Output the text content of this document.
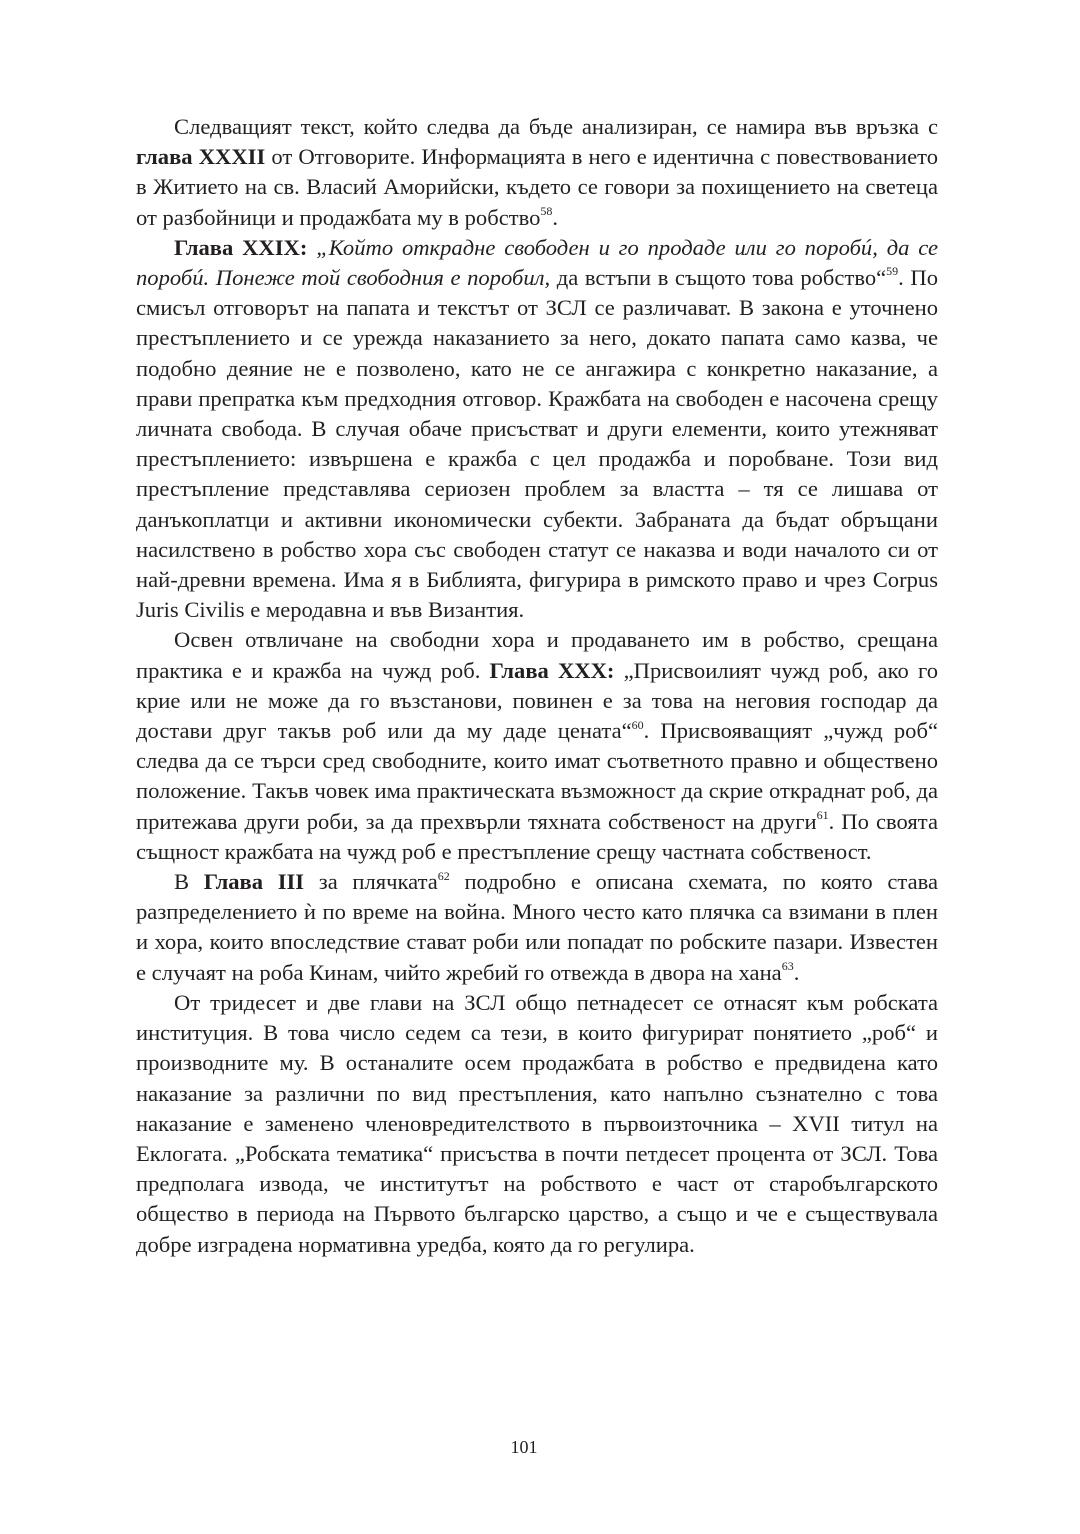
Следващият текст, който следва да бъде анализиран, се намира във връзка с глава XXXII от Отговорите. Информацията в него е идентична с повествованието в Житието на св. Власий Аморийски, където се говори за похищението на светеца от разбойници и продажбата му в робство$^{58}$.

Глава XXIX: „Който открадне свободен и го продаде или го поробú, да се поробú. Понеже той свободния е поробил, да встъпи в същото това робство“$^{59}$. По смисъл отговорът на папата и текстът от ЗСЛ се различават. В закона е уточнено престъплението и се урежда наказанието за него, докато папата само казва, че подобно деяние не е позволено, като не се ангажира с конкретно наказание, а прави препратка към предходния отговор. Кражбата на свободен е насочена срещу личната свобода. В случая обаче присъстват и други елементи, които утежняват престъплението: извършена е кражба с цел продажба и поробване. Този вид престъпление представлява сериозен проблем за властта – тя се лишава от данъкоплатци и активни икономически субекти. Забраната да бъдат обръщани насилствено в робство хора със свободен статут се наказва и води началото си от най-древни времена. Има я в Библията, фигурира в римското право и чрез Corpus Juris Civilis е меродавна и във Византия.

Освен отвличане на свободни хора и продаването им в робство, срещана практика е и кражба на чужд роб. Глава XXX: „Присвоилият чужд роб, ако го крие или не може да го възстанови, повинен е за това на неговия господар да достави друг такъв роб или да му даде цената“$^{60}$. Присвояващият „чужд роб“ следва да се търси сред свободните, които имат съответното правно и обществено положение. Такъв човек има практическата възможност да скрие откраднат роб, да притежава други роби, за да прехвърли тяхната собственост на други$^{61}$. По своята същност кражбата на чужд роб е престъпление срещу частната собственост.

В Глава III за плячката$^{62}$ подробно е описана схемата, по която става разпределението ѝ по време на война. Много често като плячка са взимани в плен и хора, които впоследствие стават роби или попадат по робските пазари. Известен е случаят на роба Кинам, чийто жребий го отвежда в двора на хана$^{63}$.

От тридесет и две глави на ЗСЛ общо петнадесет се отнасят към робската институция. В това число седем са тези, в които фигурират понятието „роб“ и производните му. В останалите осем продажбата в робство е предвидена като наказание за различни по вид престъпления, като напълно съзнателно с това наказание е заменено членовредителството в първоизточника – XVII титул на Еклогата. „Робската тематика“ присъства в почти петдесет процента от ЗСЛ. Това предполага извода, че институтът на робството е част от старобългарското общество в периода на Първото българско царство, а също и че е съществувала добре изградена нормативна уредба, която да го регулира.

101
